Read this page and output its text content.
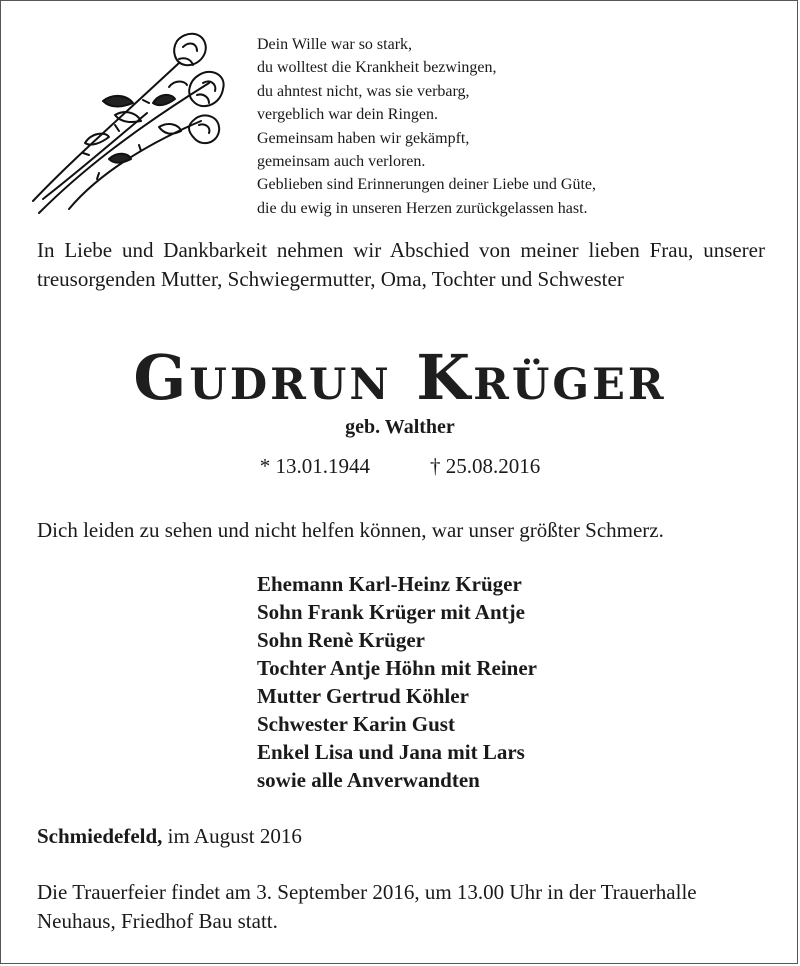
Dein Wille war so stark,
du wolltest die Krankheit bezwingen,
du ahntest nicht, was sie verbarg,
vergeblich war dein Ringen.
Gemeinsam haben wir gekämpft,
gemeinsam auch verloren.
Geblieben sind Erinnerungen deiner Liebe und Güte,
die du ewig in unseren Herzen zurückgelassen hast.
In Liebe und Dankbarkeit nehmen wir Abschied von meiner lieben Frau, unserer treusorgenden Mutter, Schwiegermutter, Oma, Tochter und Schwester
Gudrun Krüger
geb. Walther
* 13.01.1944	† 25.08.2016
Dich leiden zu sehen und nicht helfen können, war unser größter Schmerz.
Ehemann Karl-Heinz Krüger
Sohn Frank Krüger mit Antje
Sohn Renè Krüger
Tochter Antje Höhn mit Reiner
Mutter Gertrud Köhler
Schwester Karin Gust
Enkel Lisa und Jana mit Lars
sowie alle Anverwandten
Schmiedefeld, im August 2016
Die Trauerfeier findet am 3. September 2016, um 13.00 Uhr in der Trauerhalle Neuhaus, Friedhof Bau statt.
